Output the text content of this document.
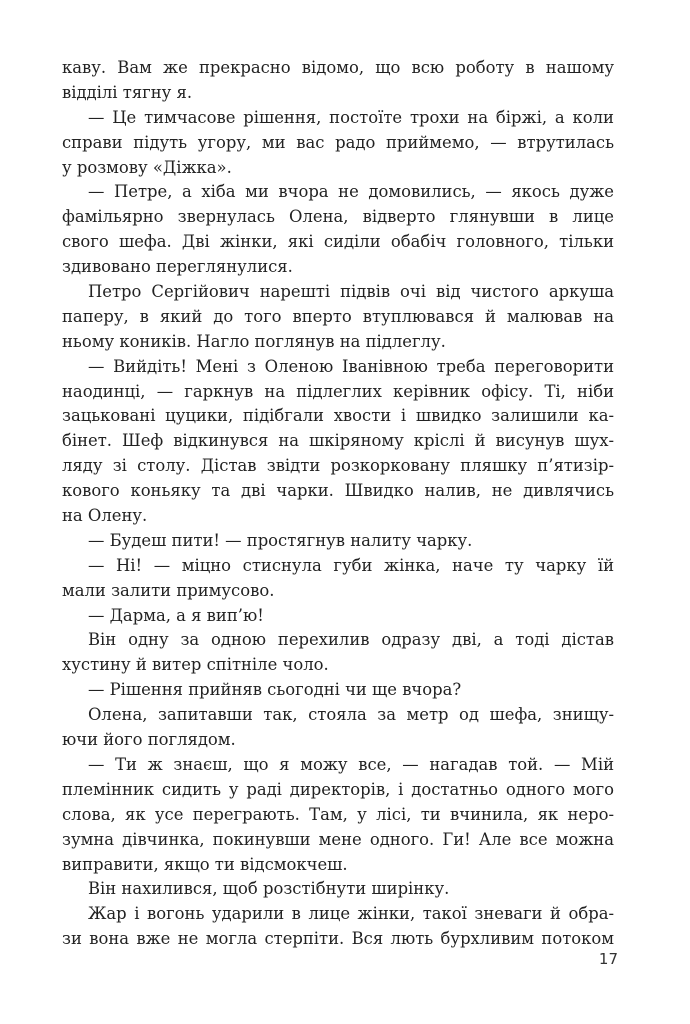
каву. Вам же прекрасно відомо, що всю роботу в нашому
відділі тягну я.
— Це тимчасове рішення, постоїте трохи на біржі, а коли
справи підуть угору, ми вас радо приймемо, — втрутилась
у розмову «Діжка».
— Петре, а хіба ми вчора не домовились, — якось дуже
фамільярно звернулась Олена, відверто глянувши в лице
свого шефа. Дві жінки, які сиділи обабіч головного, тільки
здивовано переглянулися.
Петро Сергійович нарешті підвів очі від чистого аркуша
паперу, в який до того вперто втуплювався й малював на
ньому коників. Нагло поглянув на підлеглу.
— Вийдіть! Мені з Оленою Іванівною треба переговорити
наодинці, — гаркнув на підлеглих керівник офісу. Ті, ніби
зацьковані цуцики, підібгали хвости і швидко залишили ка-
бінет. Шеф відкинувся на шкіряному кріслі й висунув шух-
ляду зі столу. Дістав звідти розкорковану пляшку п’ятизір-
кового коньяку та дві чарки. Швидко налив, не дивлячись
на Олену.
— Будеш пити! — простягнув налиту чарку.
— Ні! — міцно стиснула губи жінка, наче ту чарку їй
мали залити примусово.
— Дарма, а я вип’ю!
Він одну за одною перехилив одразу дві, а тоді дістав
хустину й витер спітніле чоло.
— Рішення прийняв сьогодні чи ще вчора?
Олена, запитавши так, стояла за метр од шефа, знищу-
ючи його поглядом.
— Ти ж знаєш, що я можу все, — нагадав той. — Мій
племінник сидить у раді директорів, і достатньо одного мого
слова, як усе переграють. Там, у лісі, ти вчинила, як неро-
зумна дівчинка, покинувши мене одного. Ги! Але все можна
виправити, якщо ти відсмокчеш.
Він нахилився, щоб розстібнути ширінку.
Жар і вогонь ударили в лице жінки, такої зневаги й обра-
зи вона вже не могла стерпіти. Вся лють бурхливим потоком
17
